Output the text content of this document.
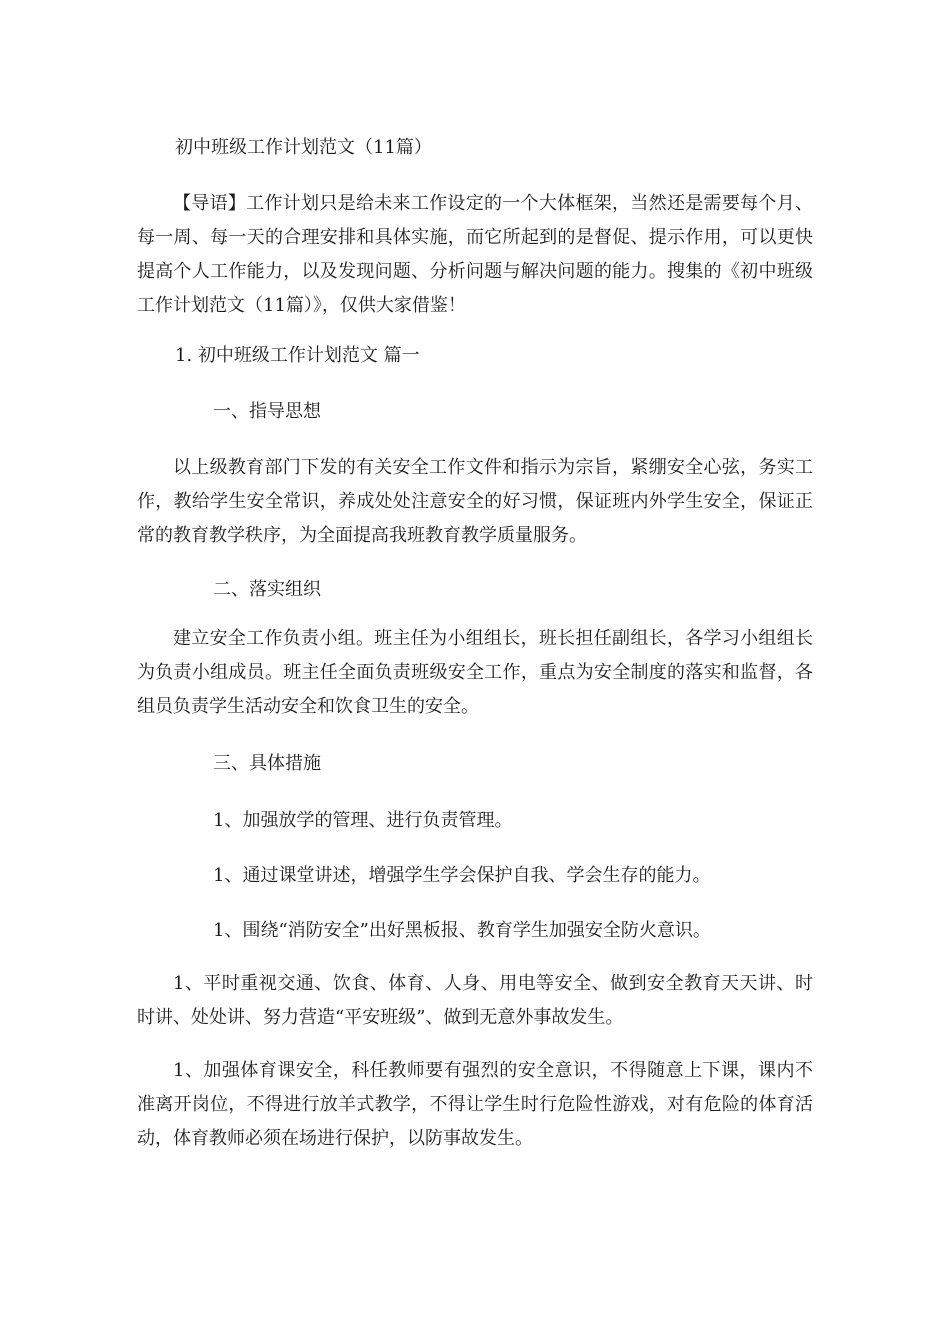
初中班级工作计划范文（11篇）

【导语】工作计划只是给未来工作设定的一个大体框架，当然还是需要每个月、每一周、每一天的合理安排和具体实施，而它所起到的是督促、提示作用，可以更快提高个人工作能力，以及发现问题、分析问题与解决问题的能力。搜集的《初中班级工作计划范文（11篇）》，仅供大家借鉴！

1. 初中班级工作计划范文 篇一

一、指导思想

以上级教育部门下发的有关安全工作文件和指示为宗旨，紧绷安全心弦，务实工作，教给学生安全常识，养成处处注意安全的好习惯，保证班内外学生安全，保证正常的教育教学秩序，为全面提高我班教育教学质量服务。

二、落实组织

建立安全工作负责小组。班主任为小组组长，班长担任副组长，各学习小组组长为负责小组成员。班主任全面负责班级安全工作，重点为安全制度的落实和监督，各组员负责学生活动安全和饮食卫生的安全。

三、具体措施

1、加强放学的管理、进行负责管理。

1、通过课堂讲述，增强学生学会保护自我、学会生存的能力。

1、围绕“消防安全”出好黑板报、教育学生加强安全防火意识。

1、平时重视交通、饮食、体育、人身、用电等安全、做到安全教育天天讲、时时讲、处处讲、努力营造“平安班级”、做到无意外事故发生。

1、加强体育课安全，科任教师要有强烈的安全意识，不得随意上下课，课内不准离开岗位，不得进行放羊式教学，不得让学生时行危险性游戏，对有危险的体育活动，体育教师必须在场进行保护，以防事故发生。
